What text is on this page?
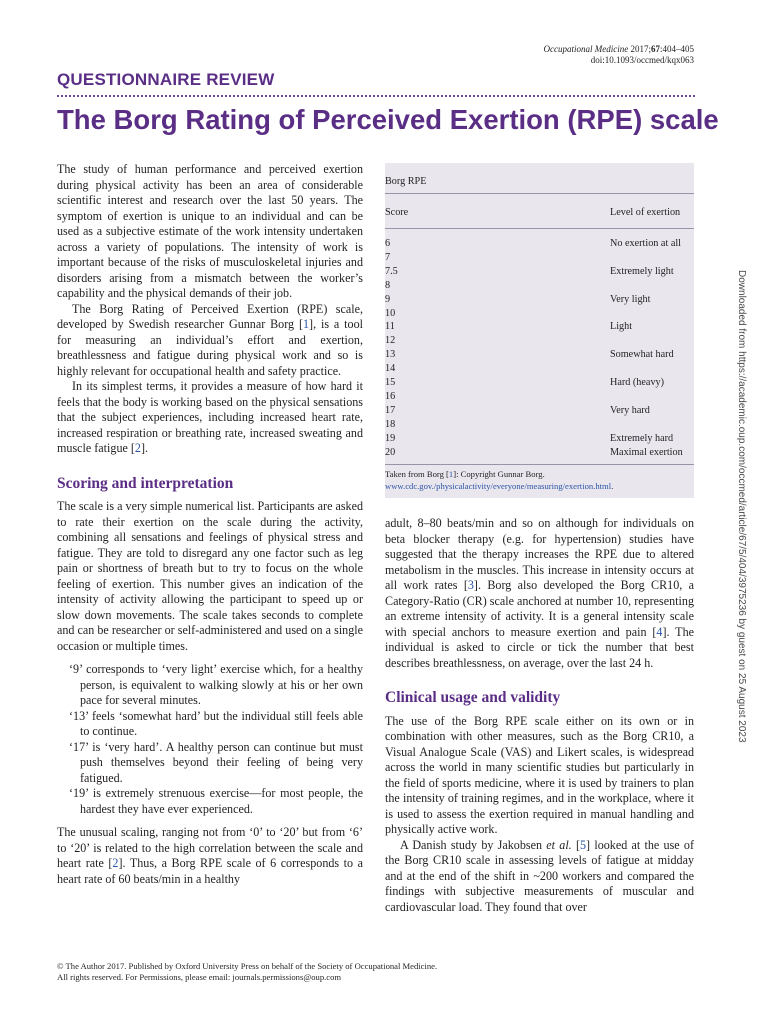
Occupational Medicine 2017;67:404–405
doi:10.1093/occmed/kqx063
QUESTIONNAIRE REVIEW
The Borg Rating of Perceived Exertion (RPE) scale

The study of human performance and perceived exertion during physical activity has been an area of considerable scientific interest and research over the last 50 years. The symptom of exertion is unique to an individual and can be used as a subjective estimate of the work intensity undertaken across a variety of populations. The intensity of work is important because of the risks of musculoskeletal injuries and disorders arising from a mismatch between the worker’s capability and the physical demands of their job.

The Borg Rating of Perceived Exertion (RPE) scale, developed by Swedish researcher Gunnar Borg [1], is a tool for measuring an individual’s effort and exertion, breathlessness and fatigue during physical work and so is highly relevant for occupational health and safety practice.

In its simplest terms, it provides a measure of how hard it feels that the body is working based on the physical sensations that the subject experiences, including increased heart rate, increased respiration or breathing rate, increased sweating and muscle fatigue [2].

Scoring and interpretation

The scale is a very simple numerical list. Participants are asked to rate their exertion on the scale during the activity, combining all sensations and feelings of physical stress and fatigue. They are told to disregard any one factor such as leg pain or shortness of breath but to try to focus on the whole feeling of exertion. This number gives an indication of the intensity of activity allowing the participant to speed up or slow down movements. The scale takes seconds to complete and can be researcher or self-administered and used on a single occasion or multiple times.

‘9’ corresponds to ‘very light’ exercise which, for a healthy person, is equivalent to walking slowly at his or her own pace for several minutes.
‘13’ feels ‘somewhat hard’ but the individual still feels able to continue.
‘17’ is ‘very hard’. A healthy person can continue but must push themselves beyond their feeling of being very fatigued.
‘19’ is extremely strenuous exercise—for most people, the hardest they have ever experienced.

The unusual scaling, ranging not from ‘0’ to ‘20’ but from ‘6’ to ‘20’ is related to the high correlation between the scale and heart rate [2]. Thus, a Borg RPE scale of 6 corresponds to a heart rate of 60 beats/min in a healthy

Borg RPE
Score	Level of exertion
6	No exertion at all
7
7.5	Extremely light
8
9	Very light
10
11	Light
12
13	Somewhat hard
14
15	Hard (heavy)
16
17	Very hard
18
19	Extremely hard
20	Maximal exertion
Taken from Borg [1]: Copyright Gunnar Borg. www.cdc.gov./physicalactivity/everyone/measuring/exertion.html.

adult, 8–80 beats/min and so on although for individuals on beta blocker therapy (e.g. for hypertension) studies have suggested that the therapy increases the RPE due to altered metabolism in the muscles. This increase in intensity occurs at all work rates [3]. Borg also developed the Borg CR10, a Category-Ratio (CR) scale anchored at number 10, representing an extreme intensity of activity. It is a general intensity scale with special anchors to measure exertion and pain [4]. The individual is asked to circle or tick the number that best describes breathlessness, on average, over the last 24 h.

Clinical usage and validity

The use of the Borg RPE scale either on its own or in combination with other measures, such as the Borg CR10, a Visual Analogue Scale (VAS) and Likert scales, is widespread across the world in many scientific studies but particularly in the field of sports medicine, where it is used by trainers to plan the intensity of training regimes, and in the workplace, where it is used to assess the exertion required in manual handling and physically active work.

A Danish study by Jakobsen et al. [5] looked at the use of the Borg CR10 scale in assessing levels of fatigue at midday and at the end of the shift in ~200 workers and compared the findings with subjective measurements of muscular and cardiovascular load. They found that over

Downloaded from https://academic.oup.com/occmed/article/67/5/404/3975236 by guest on 25 August 2023
© The Author 2017. Published by Oxford University Press on behalf of the Society of Occupational Medicine.
All rights reserved. For Permissions, please email: journals.permissions@oup.com
